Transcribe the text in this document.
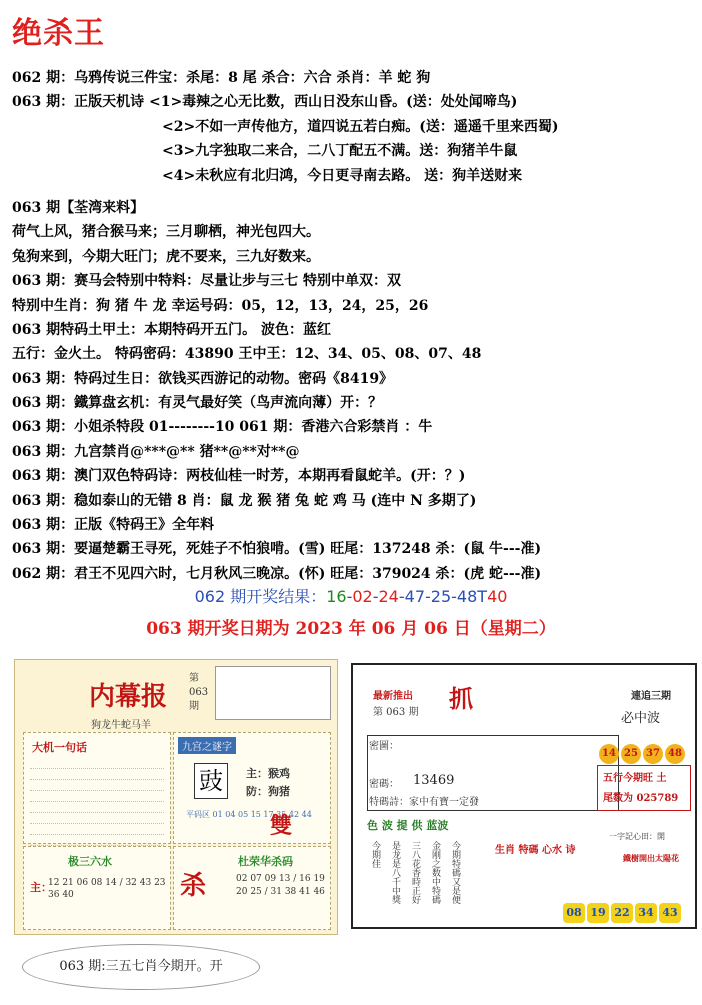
绝杀王
062 期：乌鸦传说三件宝：杀尾：8 尾 杀合：六合 杀肖：羊 蛇 狗
063 期：正版天机诗 <1>毒辣之心无比数，西山日没东山昏。(送：处处闻啼鸟)
<2>不如一声传他方，道四说五若白痴。(送：遥遥千里来西蜀)
<3>九字独取二来合，二八丁配五不满。送：狗猪羊牛鼠
<4>未秋应有北归鸿，今日更寻南去路。 送：狗羊送财来
063 期【荃湾来料】
荷气上风，猪合猴马来；三月聊栖，神光包四大。
兔狗来到，今期大旺门；虎不要来，三九好数来。
063 期：赛马会特别中特料：尽量让步与三七 特别中单双：双
特别中生肖：狗 猪 牛 龙 幸运号码：05，12，13，24，25，26
063 期特码土甲土：本期特码开五门。 波色：蓝红
五行：金火土。 特码密码：43890 王中王：12、34、05、08、07、48
063 期：特码过生日：欲钱买西游记的动物。密码《8419》
063 期：鐵算盘玄机：有灵气最好笑（鸟声流向薄）开：？
063 期：小姐杀特段 01--------10 061 期：香港六合彩禁肖 ：牛
063 期：九宫禁肖@***@** 猪**@**对**@
063 期：澳门双色特码诗：两枝仙桂一时芳，本期再看鼠蛇羊。(开：？)
063 期：稳如泰山的无错 8 肖：鼠 龙 猴 猪 兔 蛇 鸡 马 (连中 N 多期了)
063 期：正版《特码王》全年料
063 期：要逼楚霸王寻死，死娃子不怕狼啃。(雪) 旺尾：137248 杀：(鼠 牛---准)
062 期：君王不见四六时，七月秋风三晚凉。(怀) 旺尾：379024 杀：(虎 蛇---准)
062 期开奖结果：16-02-24-47-25-48T40
063 期开奖日期为 2023 年 06 月 06 日（星期二）
内幕报
第063期
狗龙牛蛇马羊
大机一句话	九宫之谜字
豉	主：猴鸡
防：狗猪
平码区 01 04 05 15 17 35 42 44
雙
极三六水
主：
12 21 06 08 14 / 32 43 23 36 40
杜荣华杀码
杀	02 07 09 13 / 16 19 20 25 / 31 38 41 46
最新推出
第 063 期 抓	連追三期
必中波
密圖：
密碼： 13469
特碼詩：家中有寶一定發
14 25 37 48
五行今期旺 土
尾数为 025789
色 波 提 供 蓝波
今期佳 是龙是八千中獎 三八花香時正好 金刚之数中特碼 今期特碼又是便	生肖 特碼 心水 诗
一字記心田：開
鐵樹開出太陽花
08 19 22 34 43
063 期:三五七肖今期开。开
